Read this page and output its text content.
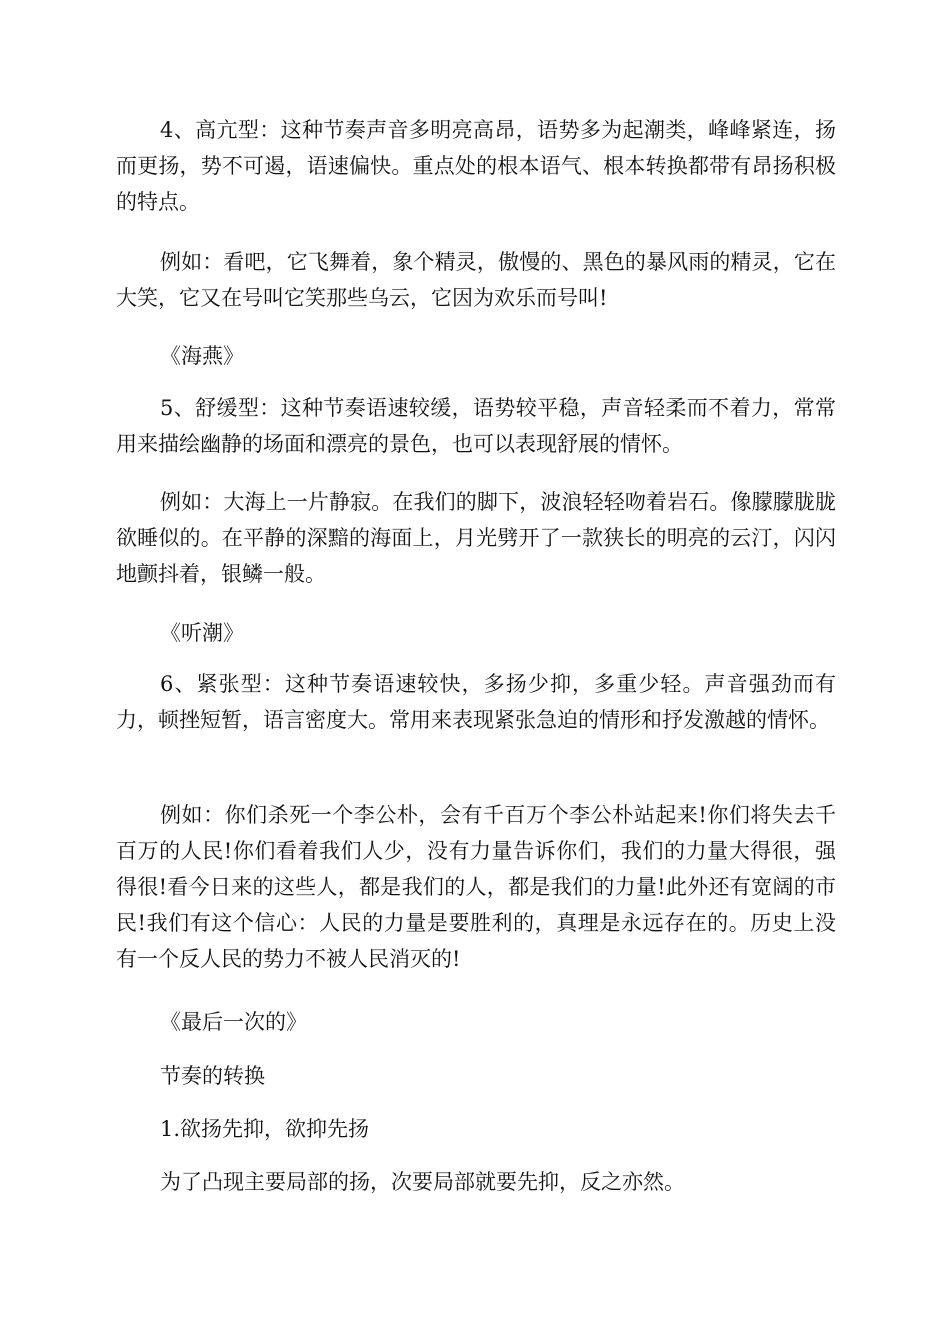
4、高亢型：这种节奏声音多明亮高昂，语势多为起潮类，峰峰紧连，扬而更扬，势不可遏，语速偏快。重点处的根本语气、根本转换都带有昂扬积极的特点。

例如：看吧，它飞舞着，象个精灵，傲慢的、黑色的暴风雨的精灵，它在大笑，它又在号叫它笑那些乌云，它因为欢乐而号叫!

《海燕》

5、舒缓型：这种节奏语速较缓，语势较平稳，声音轻柔而不着力，常常用来描绘幽静的场面和漂亮的景色，也可以表现舒展的情怀。

例如：大海上一片静寂。在我们的脚下，波浪轻轻吻着岩石。像朦朦胧胧欲睡似的。在平静的深黯的海面上，月光劈开了一款狭长的明亮的云汀，闪闪地颤抖着，银鳞一般。

《听潮》

6、紧张型：这种节奏语速较快，多扬少抑，多重少轻。声音强劲而有力，顿挫短暂，语言密度大。常用来表现紧张急迫的情形和抒发激越的情怀。

例如：你们杀死一个李公朴，会有千百万个李公朴站起来!你们将失去千百万的人民!你们看着我们人少，没有力量告诉你们，我们的力量大得很，强得很!看今日来的这些人，都是我们的人，都是我们的力量!此外还有宽阔的市民!我们有这个信心：人民的力量是要胜利的，真理是永远存在的。历史上没有一个反人民的势力不被人民消灭的!

《最后一次的》

节奏的转换

1.欲扬先抑，欲抑先扬

为了凸现主要局部的扬，次要局部就要先抑，反之亦然。
